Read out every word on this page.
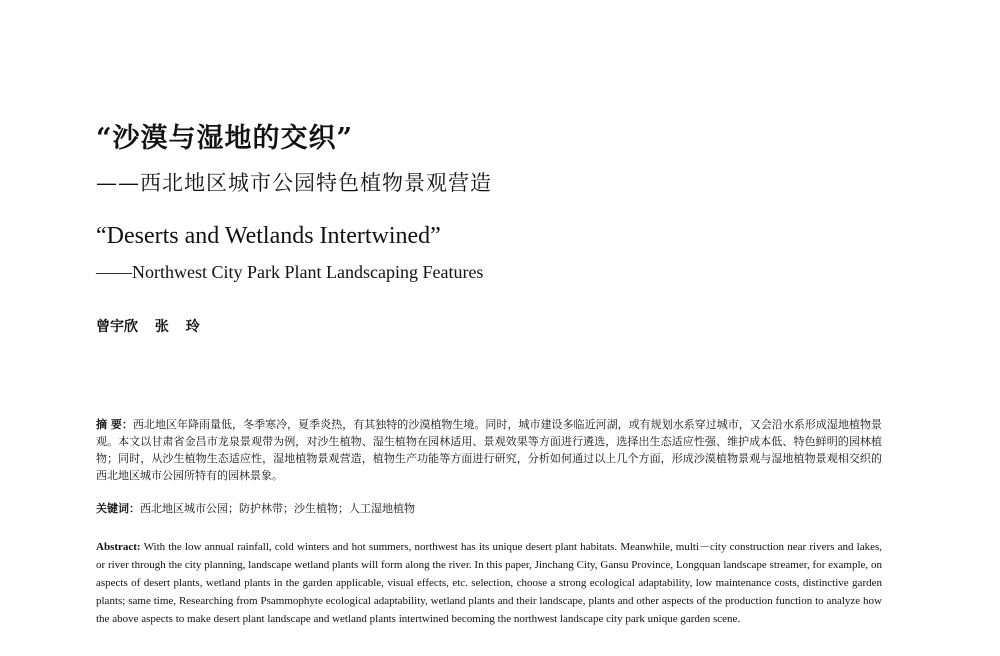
“沙漠与湿地的交织”
——西北地区城市公园特色植物景观营造
“Deserts and Wetlands Intertwined”
——Northwest City Park Plant Landscaping Features
曾宇欣 张 玲

摘 要：西北地区年降雨量低，冬季寒冷，夏季炎热，有其独特的沙漠植物生境。同时，城市建设多临近河湖，或有规划水系穿过城市，又会沿水系形成湿地植物景观。本文以甘肃省金昌市龙泉景观带为例，对沙生植物、湿生植物在园林适用、景观效果等方面进行遴选，选择出生态适应性强、维护成本低、特色鲜明的园林植物；同时，从沙生植物生态适应性，湿地植物景观营造，植物生产功能等方面进行研究，分析如何通过以上几个方面，形成沙漠植物景观与湿地植物景观相交织的西北地区城市公园所特有的园林景象。

关键词：西北地区城市公园；防护林带；沙生植物；人工湿地植物

Abstract: With the low annual rainfall, cold winters and hot summers, northwest has its unique desert plant habitats. Meanwhile, multi－city construction near rivers and lakes, or river through the city planning, landscape wetland plants will form along the river. In this paper, Jinchang City, Gansu Province, Longquan landscape streamer, for example, on aspects of desert plants, wetland plants in the garden applicable, visual effects, etc. selection, choose a strong ecological adaptability, low maintenance costs, distinctive garden plants; same time, Researching from Psammophyte ecological adaptability, wetland plants and their landscape, plants and other aspects of the production function to analyze how the above aspects to make desert plant landscape and wetland plants intertwined becoming the northwest landscape city park unique garden scene.
